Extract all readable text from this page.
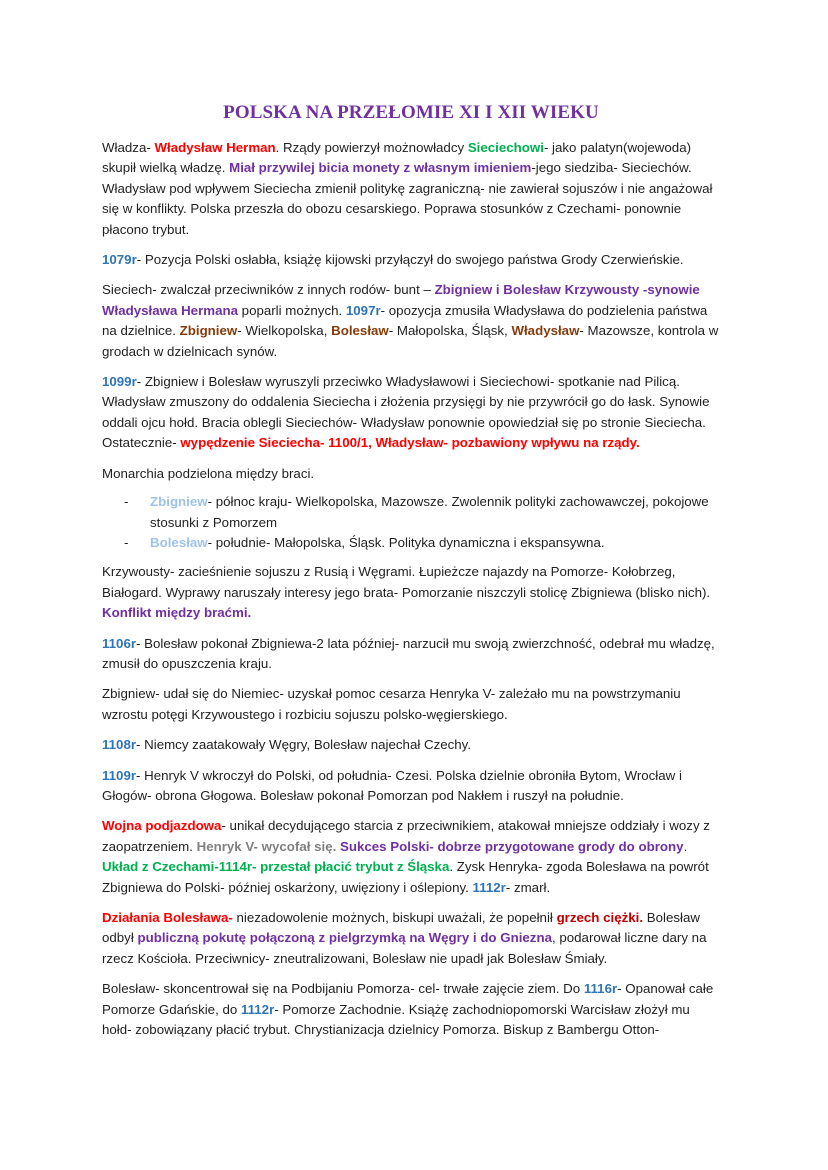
POLSKA NA PRZEŁOMIE XI I XII WIEKU

Władza- Władysław Herman. Rządy powierzył możnowładcy Sieciechowi- jako palatyn(wojewoda) skupił wielką władzę. Miał przywilej bicia monety z własnym imieniem-jego siedziba- Sieciechów. Władysław pod wpływem Sieciecha zmienił politykę zagraniczną- nie zawierał sojuszów i nie angażował się w konflikty. Polska przeszła do obozu cesarskiego. Poprawa stosunków z Czechami- ponownie płacono trybut.

1079r- Pozycja Polski osłabła, książę kijowski przyłączył do swojego państwa Grody Czerwieńskie.

Sieciech- zwalczał przeciwników z innych rodów- bunt – Zbigniew i Bolesław Krzywousty -synowie Władysława Hermana poparli możnych. 1097r- opozycja zmusiła Władysława do podzielenia państwa na dzielnice. Zbigniew- Wielkopolska, Bolesław- Małopolska, Śląsk, Władysław- Mazowsze, kontrola w grodach w dzielnicach synów.

1099r- Zbigniew i Bolesław wyruszyli przeciwko Władysławowi i Sieciechowi- spotkanie nad Pilicą. Władysław zmuszony do oddalenia Sieciecha i złożenia przysięgi by nie przywrócił go do łask. Synowie oddali ojcu hołd. Bracia oblegli Sieciechów- Władysław ponownie opowiedział się po stronie Sieciecha. Ostatecznie- wypędzenie Sieciecha- 1100/1, Władysław- pozbawiony wpływu na rządy.

Monarchia podzielona między braci.

- Zbigniew- północ kraju- Wielkopolska, Mazowsze. Zwolennik polityki zachowawczej, pokojowe stosunki z Pomorzem
- Bolesław- południe- Małopolska, Śląsk. Polityka dynamiczna i ekspansywna.

Krzywousty- zacieśnienie sojuszu z Rusią i Węgrami. Łupieżcze najazdy na Pomorze- Kołobrzeg, Białogard. Wyprawy naruszały interesy jego brata- Pomorzanie niszczyli stolicę Zbigniewa (blisko nich). Konflikt między braćmi.

1106r- Bolesław pokonał Zbigniewa-2 lata później- narzucił mu swoją zwierzchność, odebrał mu władzę, zmusił do opuszczenia kraju.

Zbigniew- udał się do Niemiec- uzyskał pomoc cesarza Henryka V- zależało mu na powstrzymaniu wzrostu potęgi Krzywoustego i rozbiciu sojuszu polsko-węgierskiego.

1108r- Niemcy zaatakowały Węgry, Bolesław najechał Czechy.

1109r- Henryk V wkroczył do Polski, od południa- Czesi. Polska dzielnie obroniła Bytom, Wrocław i Głogów- obrona Głogowa. Bolesław pokonał Pomorzan pod Nakłem i ruszył na południe.

Wojna podjazdowa- unikał decydującego starcia z przeciwnikiem, atakował mniejsze oddziały i wozy z zaopatrzeniem. Henryk V- wycofał się. Sukces Polski- dobrze przygotowane grody do obrony. Układ z Czechami-1114r- przestał płacić trybut z Śląska. Zysk Henryka- zgoda Bolesława na powrót Zbigniewa do Polski- później oskarżony, uwięziony i oślepiony. 1112r- zmarł.

Działania Bolesława- niezadowolenie możnych, biskupi uważali, że popełnił grzech ciężki. Bolesław odbył publiczną pokutę połączoną z pielgrzymką na Węgry i do Gniezna, podarował liczne dary na rzecz Kościoła. Przeciwnicy- zneutralizowani, Bolesław nie upadł jak Bolesław Śmiały.

Bolesław- skoncentrował się na Podbijaniu Pomorza- cel- trwałe zajęcie ziem. Do 1116r- Opanował całe Pomorze Gdańskie, do 1112r- Pomorze Zachodnie. Książę zachodniopomorski Warcisław złożył mu hołd- zobowiązany płacić trybut. Chrystianizacja dzielnicy Pomorza. Biskup z Bambergu Otton-
